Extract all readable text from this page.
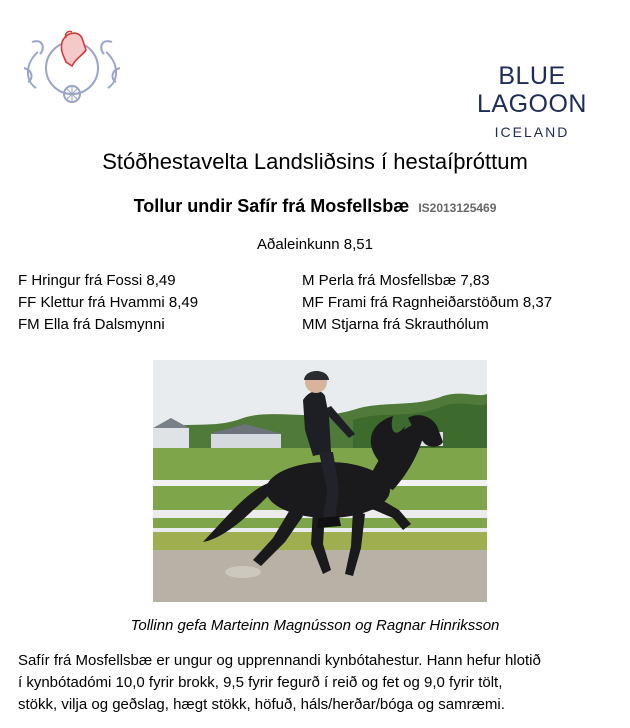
BLUE LAGOON
ICELAND
Stóðhestavelta Landsliðsins í hestaíþróttum
Tollur undir Safír frá Mosfellsbæ IS2013125469
Aðaleinkunn 8,51
F Hringur frá Fossi 8,49
FF Klettur frá Hvammi 8,49
FM Ella frá Dalsmynni
M Perla frá Mosfellsbæ 7,83
MF Frami frá Ragnheiðarstöðum 8,37
MM Stjarna frá Skrauthólum
Tollinn gefa Marteinn Magnússon og Ragnar Hinriksson
Safír frá Mosfellsbæ er ungur og upprennandi kynbótahestur. Hann hefur hlotið
í kynbótadómi 10,0 fyrir brokk, 9,5 fyrir fegurð í reið og fet og 9,0 fyrir tölt,
stökk, vilja og geðslag, hægt stökk, höfuð, háls/herðar/bóga og samræmi.
